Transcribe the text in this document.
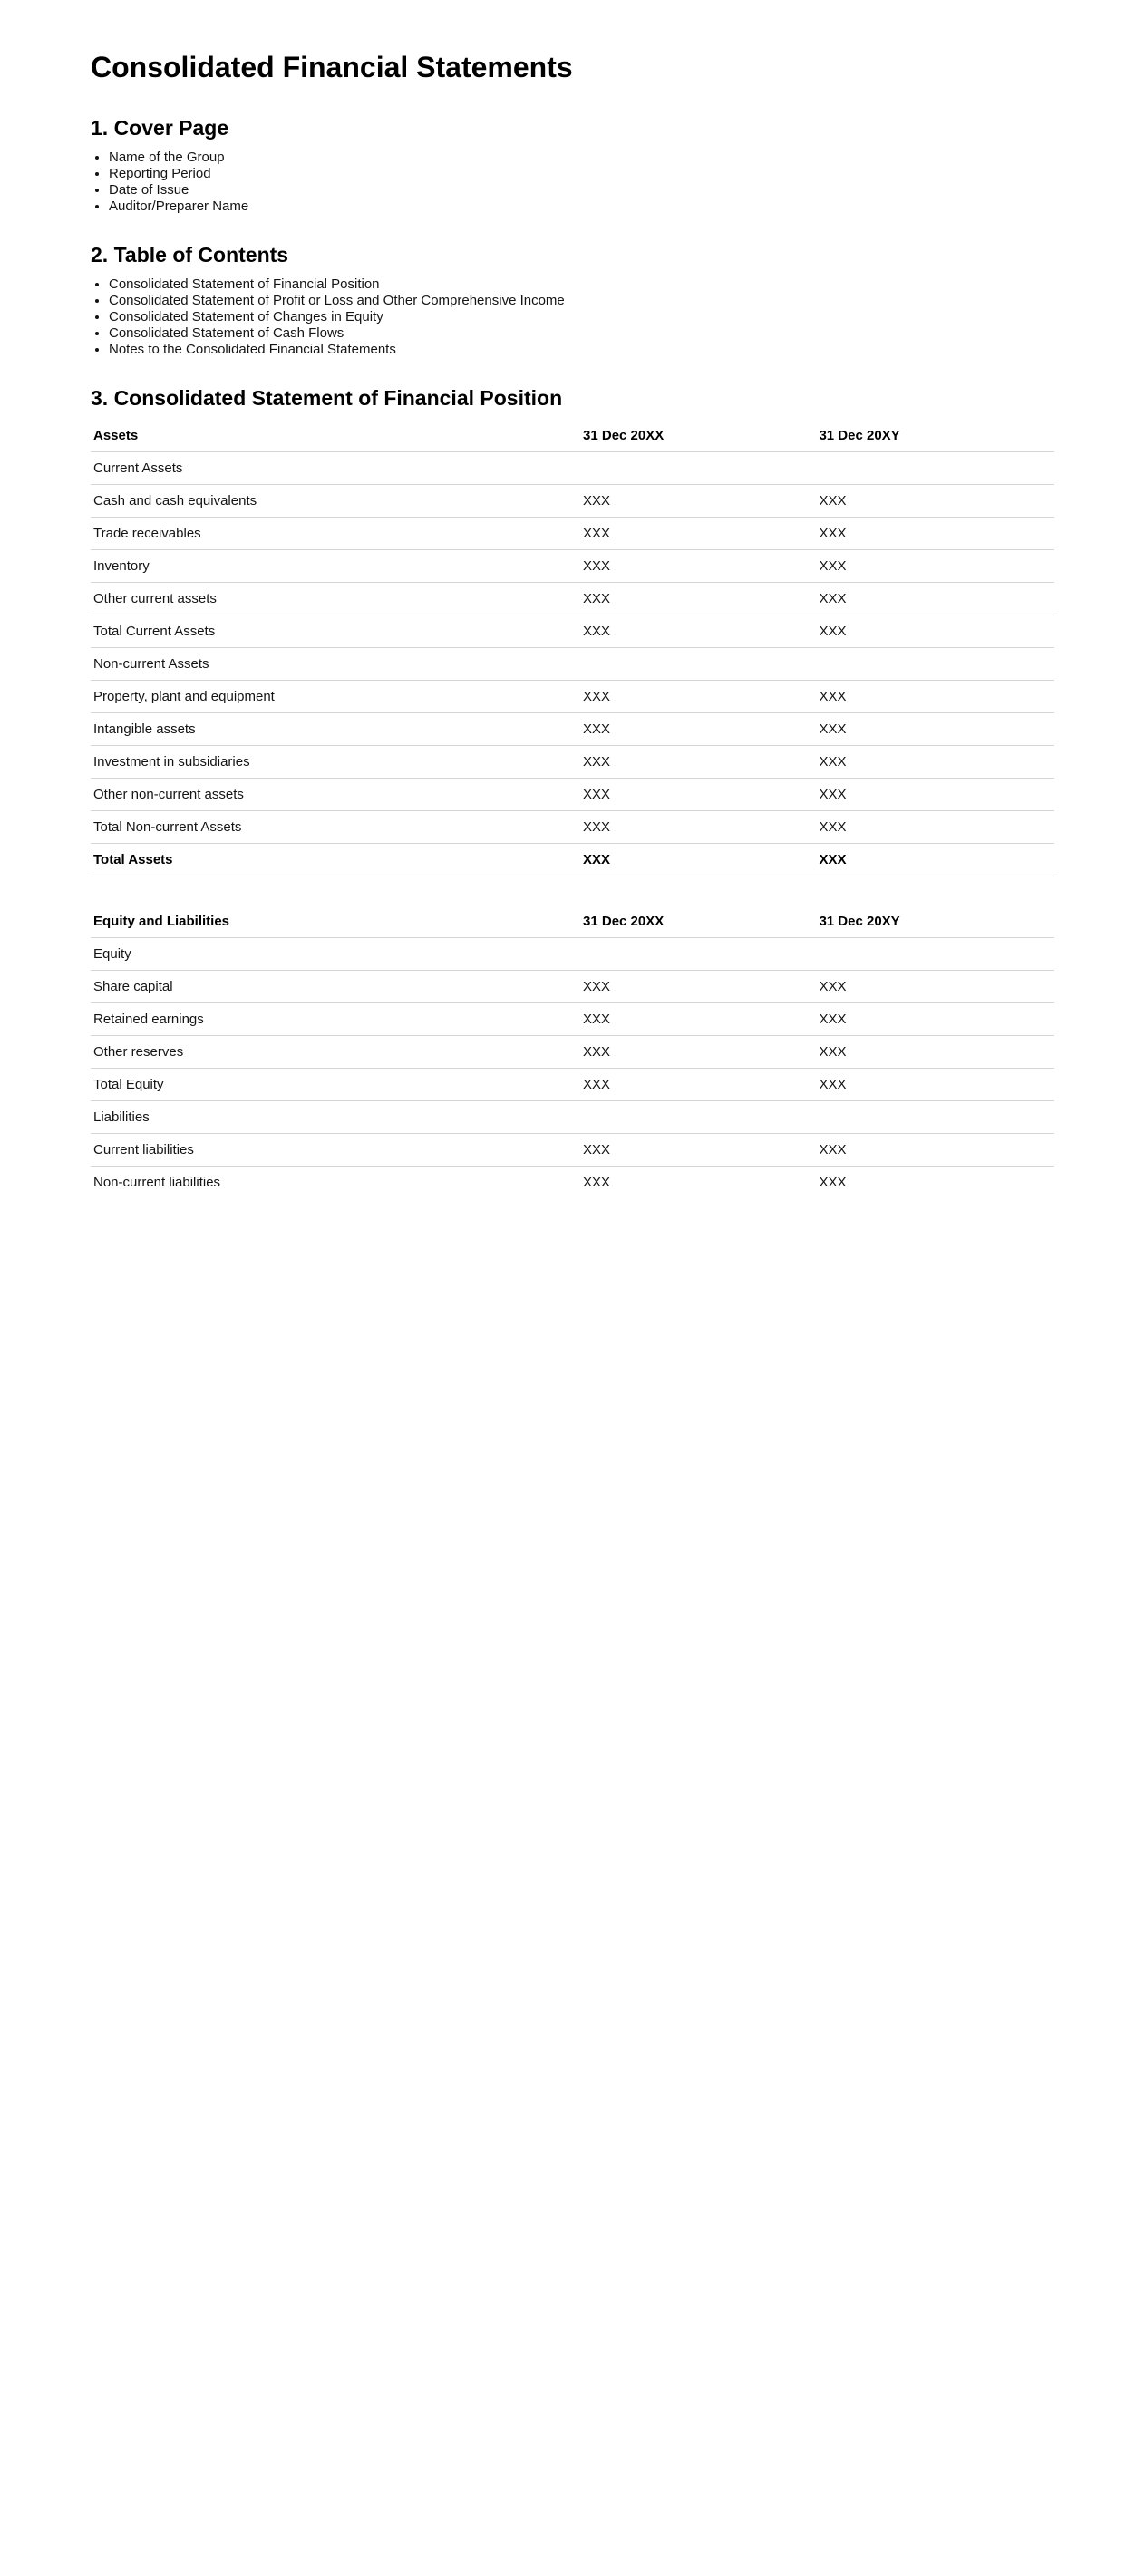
Consolidated Financial Statements
1. Cover Page
• Name of the Group
• Reporting Period
• Date of Issue
• Auditor/Preparer Name
2. Table of Contents
• Consolidated Statement of Financial Position
• Consolidated Statement of Profit or Loss and Other Comprehensive Income
• Consolidated Statement of Changes in Equity
• Consolidated Statement of Cash Flows
• Notes to the Consolidated Financial Statements
3. Consolidated Statement of Financial Position
Assets	31 Dec 20XX	31 Dec 20XY
Current Assets		
Cash and cash equivalents	XXX	XXX
Trade receivables	XXX	XXX
Inventory	XXX	XXX
Other current assets	XXX	XXX
Total Current Assets	XXX	XXX
Non-current Assets		
Property, plant and equipment	XXX	XXX
Intangible assets	XXX	XXX
Investment in subsidiaries	XXX	XXX
Other non-current assets	XXX	XXX
Total Non-current Assets	XXX	XXX
Total Assets	XXX	XXX
Equity and Liabilities	31 Dec 20XX	31 Dec 20XY
Equity		
Share capital	XXX	XXX
Retained earnings	XXX	XXX
Other reserves	XXX	XXX
Total Equity	XXX	XXX
Liabilities		
Current liabilities	XXX	XXX
Non-current liabilities	XXX	XXX
